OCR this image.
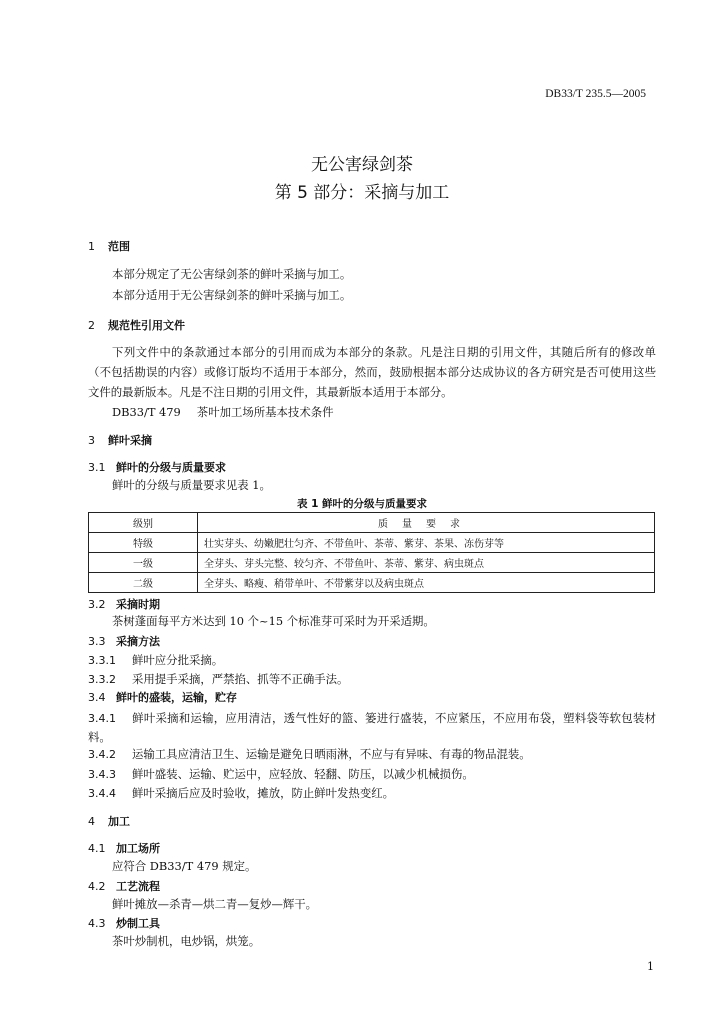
DB33/T 235.5—2005
无公害绿剑茶
第 5 部分：采摘与加工
1 范围
本部分规定了无公害绿剑茶的鲜叶采摘与加工。
本部分适用于无公害绿剑茶的鲜叶采摘与加工。
2 规范性引用文件
下列文件中的条款通过本部分的引用而成为本部分的条款。凡是注日期的引用文件，其随后所有的修改单（不包括勘误的内容）或修订版均不适用于本部分，然而，鼓励根据本部分达成协议的各方研究是否可使用这些文件的最新版本。凡是不注日期的引用文件，其最新版本适用于本部分。
DB33/T 479 茶叶加工场所基本技术条件
3 鲜叶采摘
3.1 鲜叶的分级与质量要求
鲜叶的分级与质量要求见表 1。
表 1 鲜叶的分级与质量要求
级别	质量要求
特级	壮实芽头、幼嫩肥壮匀齐、不带鱼叶、茶蒂、紫芽、茶果、冻伤芽等
一级	全芽头、芽头完整、较匀齐、不带鱼叶、茶蒂、紫芽、病虫斑点
二级	全芽头、略瘦、稍带单叶、不带紫芽以及病虫斑点
3.2 采摘时期
茶树蓬面每平方米达到 10 个~15 个标准芽可采时为开采适期。
3.3 采摘方法
3.3.1 鲜叶应分批采摘。
3.3.2 采用提手采摘，严禁掐、抓等不正确手法。
3.4 鲜叶的盛装，运输，贮存
3.4.1 鲜叶采摘和运输，应用清洁，透气性好的篮、篓进行盛装，不应紧压，不应用布袋，塑料袋等软包装材料。
3.4.2 运输工具应清洁卫生、运输是避免日晒雨淋，不应与有异味、有毒的物品混装。
3.4.3 鲜叶盛装、运输、贮运中，应轻放、轻翻、防压，以减少机械损伤。
3.4.4 鲜叶采摘后应及时验收，摊放，防止鲜叶发热变红。
4 加工
4.1 加工场所
应符合 DB33/T 479 规定。
4.2 工艺流程
鲜叶摊放—杀青—烘二青—复炒—辉干。
4.3 炒制工具
茶叶炒制机，电炒锅，烘笼。
1
